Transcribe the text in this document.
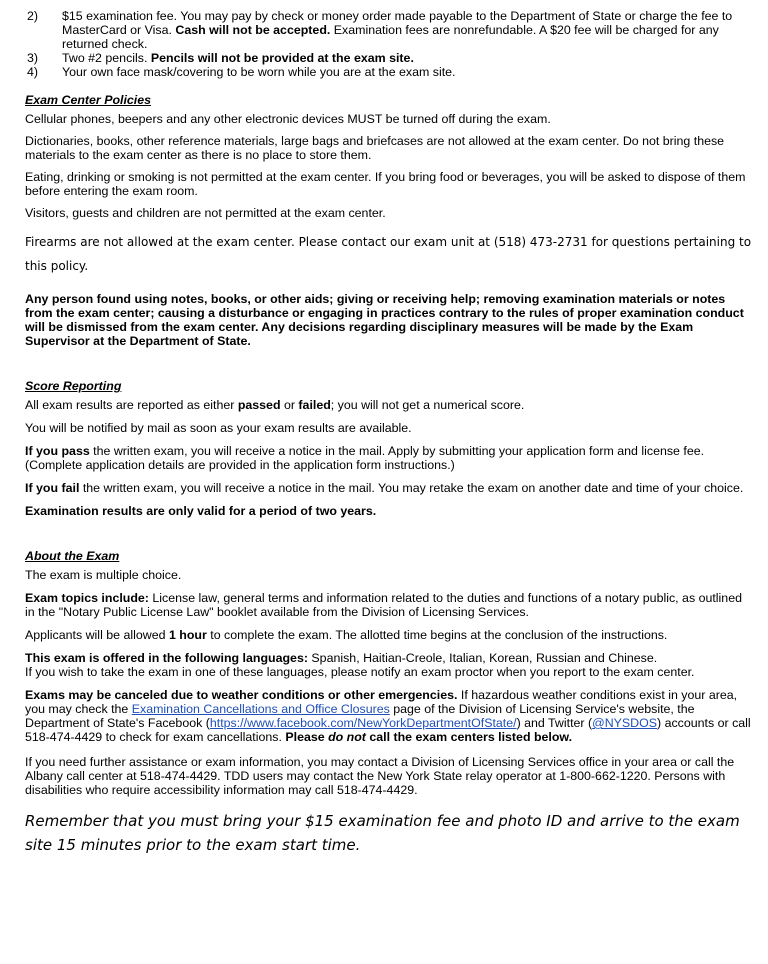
2)	$15 examination fee. You may pay by check or money order made payable to the Department of State or charge the fee to MasterCard or Visa. Cash will not be accepted. Examination fees are nonrefundable. A $20 fee will be charged for any returned check.
3)	Two #2 pencils. Pencils will not be provided at the exam site.
4)	Your own face mask/covering to be worn while you are at the exam site.

Exam Center Policies

Cellular phones, beepers and any other electronic devices MUST be turned off during the exam.

Dictionaries, books, other reference materials, large bags and briefcases are not allowed at the exam center. Do not bring these materials to the exam center as there is no place to store them.

Eating, drinking or smoking is not permitted at the exam center. If you bring food or beverages, you will be asked to dispose of them before entering the exam room.

Visitors, guests and children are not permitted at the exam center.

Firearms are not allowed at the exam center. Please contact our exam unit at (518) 473-2731 for questions pertaining to this policy.

Any person found using notes, books, or other aids; giving or receiving help; removing examination materials or notes from the exam center; causing a disturbance or engaging in practices contrary to the rules of proper examination conduct will be dismissed from the exam center. Any decisions regarding disciplinary measures will be made by the Exam Supervisor at the Department of State.

Score Reporting

All exam results are reported as either passed or failed; you will not get a numerical score.

You will be notified by mail as soon as your exam results are available.

If you pass the written exam, you will receive a notice in the mail. Apply by submitting your application form and license fee. (Complete application details are provided in the application form instructions.)

If you fail the written exam, you will receive a notice in the mail. You may retake the exam on another date and time of your choice.

Examination results are only valid for a period of two years.

About the Exam

The exam is multiple choice.

Exam topics include: License law, general terms and information related to the duties and functions of a notary public, as outlined in the "Notary Public License Law" booklet available from the Division of Licensing Services.

Applicants will be allowed 1 hour to complete the exam. The allotted time begins at the conclusion of the instructions.

This exam is offered in the following languages: Spanish, Haitian-Creole, Italian, Korean, Russian and Chinese.
If you wish to take the exam in one of these languages, please notify an exam proctor when you report to the exam center.

Exams may be canceled due to weather conditions or other emergencies. If hazardous weather conditions exist in your area, you may check the Examination Cancellations and Office Closures page of the Division of Licensing Service's website, the Department of State's Facebook (https://www.facebook.com/NewYorkDepartmentOfState/) and Twitter (@NYSDOS) accounts or call 518-474-4429 to check for exam cancellations. Please do not call the exam centers listed below.

If you need further assistance or exam information, you may contact a Division of Licensing Services office in your area or call the Albany call center at 518-474-4429. TDD users may contact the New York State relay operator at 1-800-662-1220. Persons with disabilities who require accessibility information may call 518-474-4429.

Remember that you must bring your $15 examination fee and photo ID and arrive to the exam site 15 minutes prior to the exam start time.
